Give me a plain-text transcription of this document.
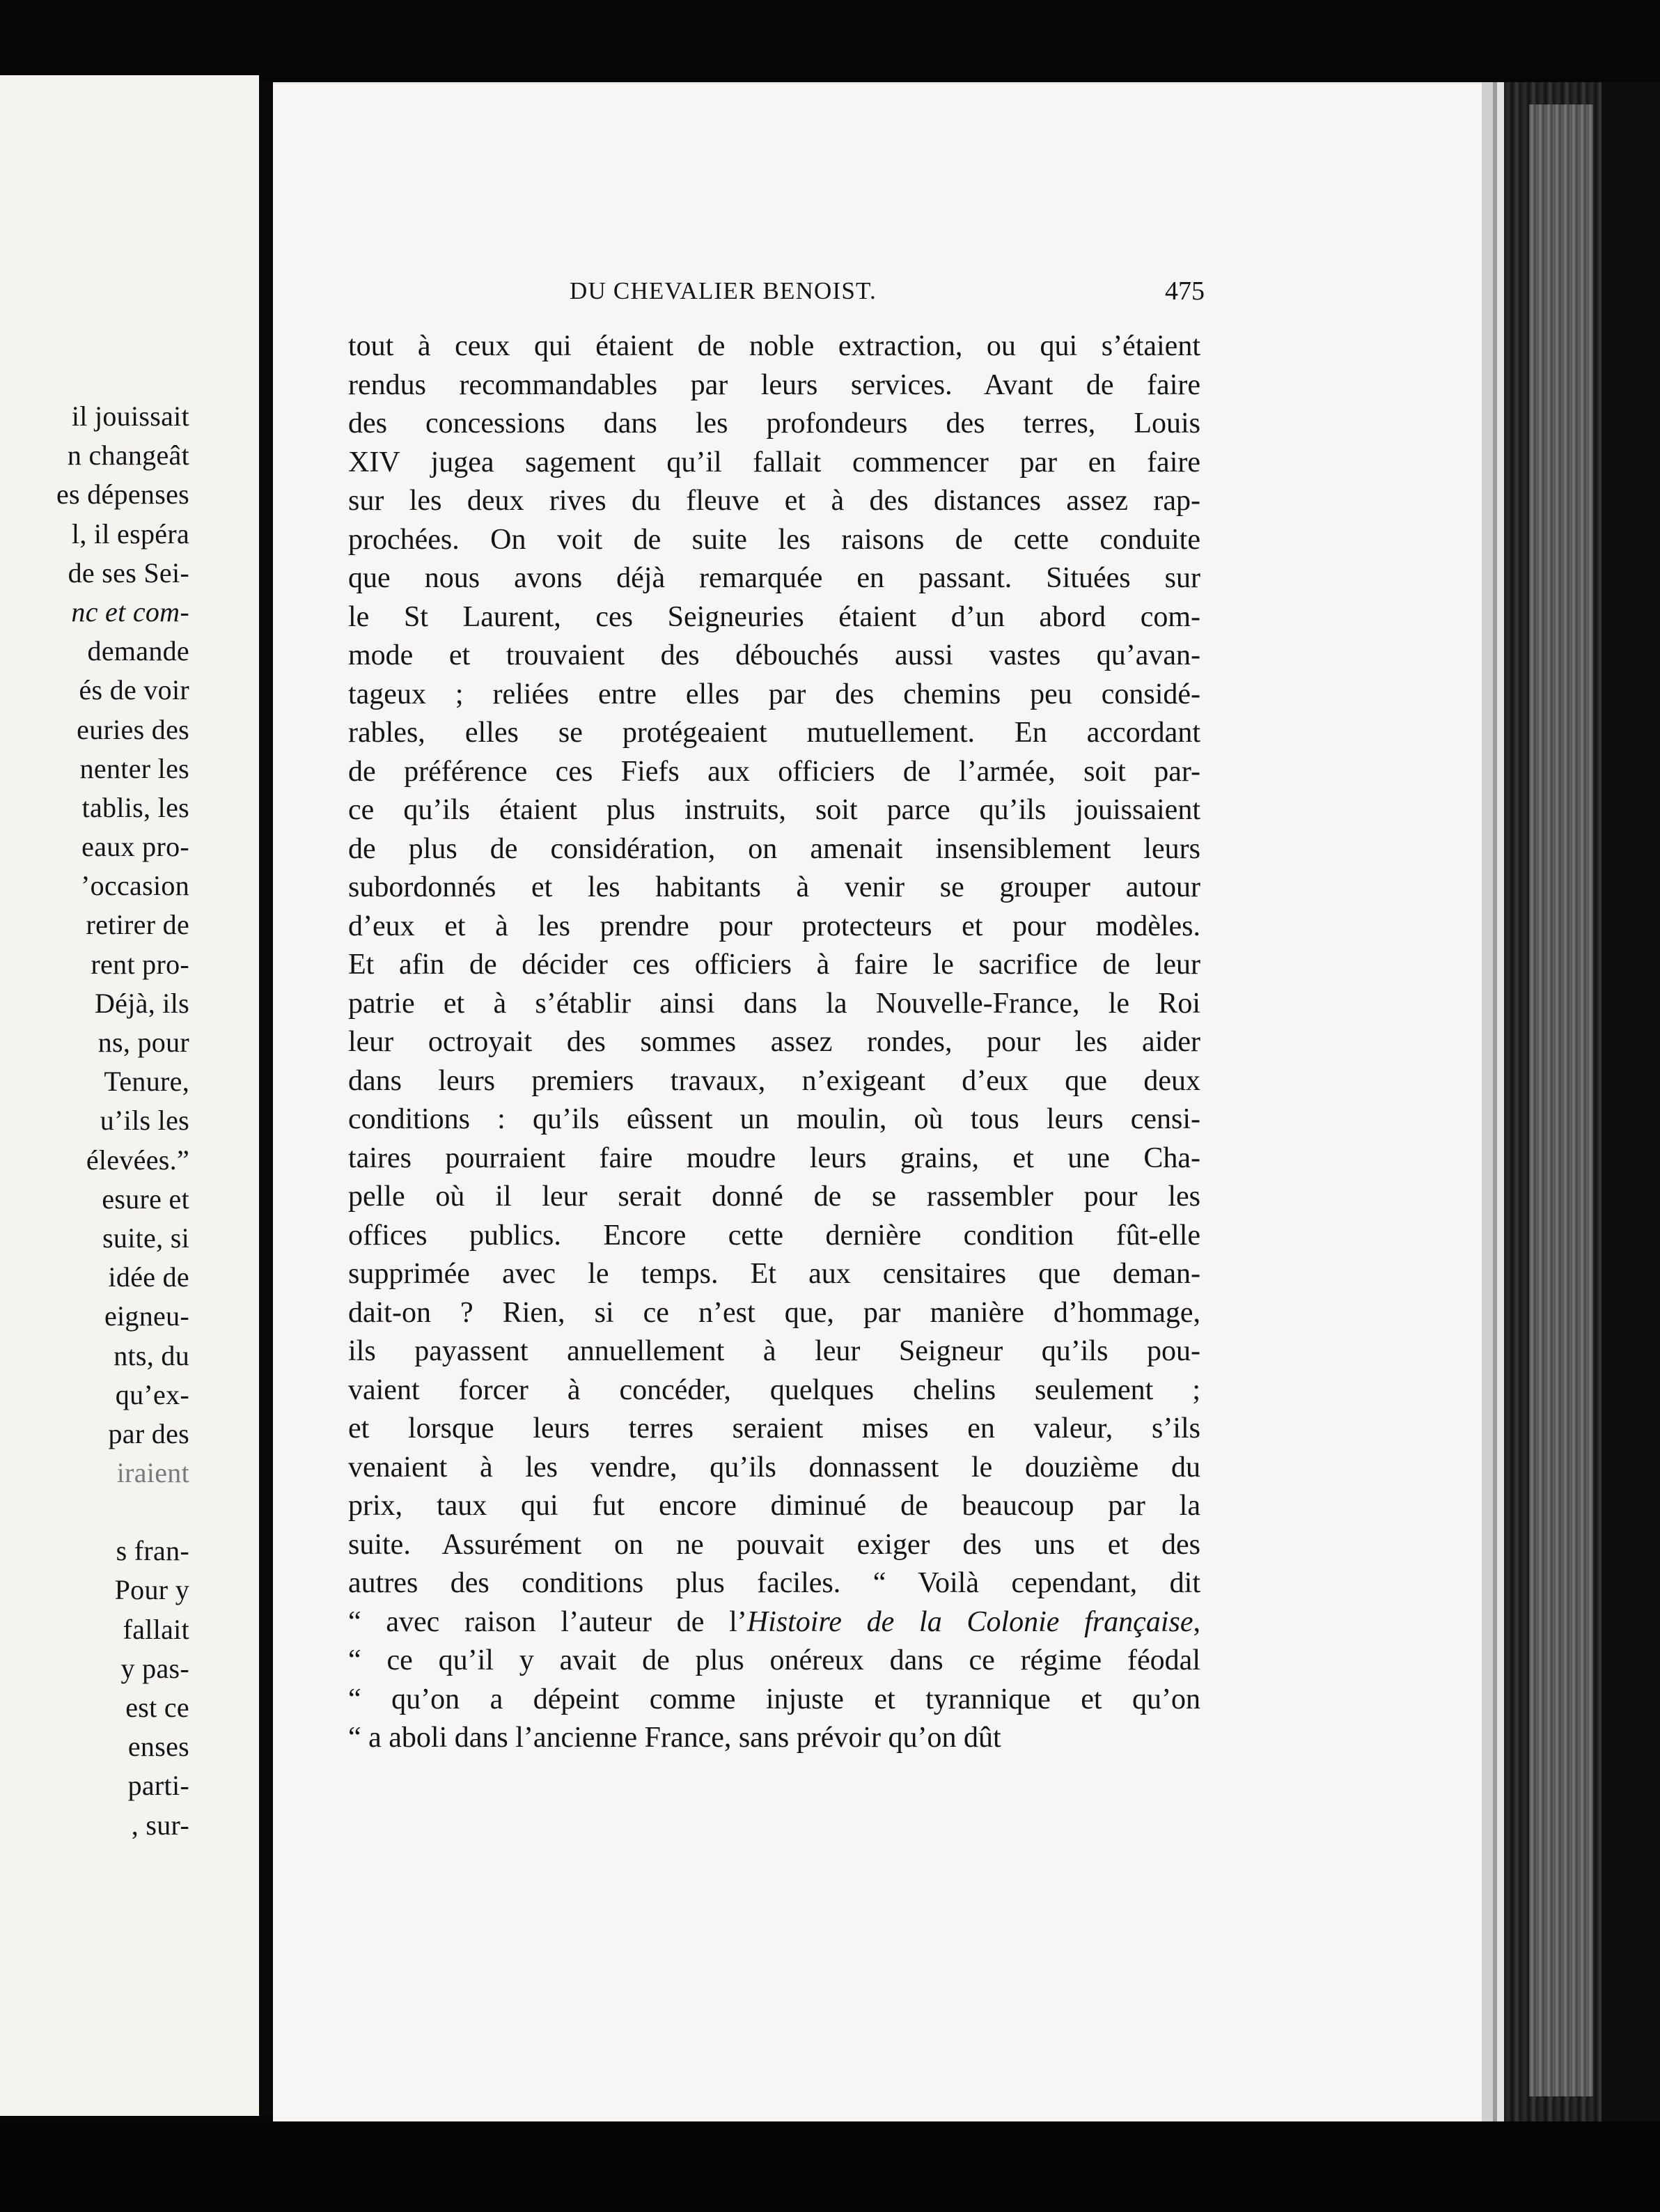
il jouissait
n changeât
es dépenses
l, il espéra
de ses Sei-
nc et com-
demande
és de voir
euries des
nenter les
tablis, les
eaux pro-
’occasion
retirer de
rent pro-
Déjà, ils
ns, pour
Tenure,
u’ils les
élevées.”
esure et
suite, si
idée de
eigneu-
nts, du
qu’ex-
par des
iraient
s fran-
Pour y
fallait
y pas-
est ce
enses
parti-
, sur-
DU CHEVALIER BENOIST.	475
tout à ceux qui étaient de noble extraction, ou qui s’étaient
rendus recommandables par leurs services. Avant de faire
des concessions dans les profondeurs des terres, Louis
XIV jugea sagement qu’il fallait commencer par en faire
sur les deux rives du fleuve et à des distances assez rap-
prochées. On voit de suite les raisons de cette conduite
que nous avons déjà remarquée en passant. Situées sur
le St Laurent, ces Seigneuries étaient d’un abord com-
mode et trouvaient des débouchés aussi vastes qu’avan-
tageux ; reliées entre elles par des chemins peu considé-
rables, elles se protégeaient mutuellement. En accordant
de préférence ces Fiefs aux officiers de l’armée, soit par-
ce qu’ils étaient plus instruits, soit parce qu’ils jouissaient
de plus de considération, on amenait insensiblement leurs
subordonnés et les habitants à venir se grouper autour
d’eux et à les prendre pour protecteurs et pour modèles.
Et afin de décider ces officiers à faire le sacrifice de leur
patrie et à s’établir ainsi dans la Nouvelle-France, le Roi
leur octroyait des sommes assez rondes, pour les aider
dans leurs premiers travaux, n’exigeant d’eux que deux
conditions : qu’ils eûssent un moulin, où tous leurs censi-
taires pourraient faire moudre leurs grains, et une Cha-
pelle où il leur serait donné de se rassembler pour les
offices publics. Encore cette dernière condition fût-elle
supprimée avec le temps. Et aux censitaires que deman-
dait-on ? Rien, si ce n’est que, par manière d’hommage,
ils payassent annuellement à leur Seigneur qu’ils pou-
vaient forcer à concéder, quelques chelins seulement ;
et lorsque leurs terres seraient mises en valeur, s’ils
venaient à les vendre, qu’ils donnassent le douzième du
prix, taux qui fut encore diminué de beaucoup par la
suite. Assurément on ne pouvait exiger des uns et des
autres des conditions plus faciles. “ Voilà cependant, dit
“ avec raison l’auteur de l’Histoire de la Colonie française,
“ ce qu’il y avait de plus onéreux dans ce régime féodal
“ qu’on a dépeint comme injuste et tyrannique et qu’on
“ a aboli dans l’ancienne France, sans prévoir qu’on dût
